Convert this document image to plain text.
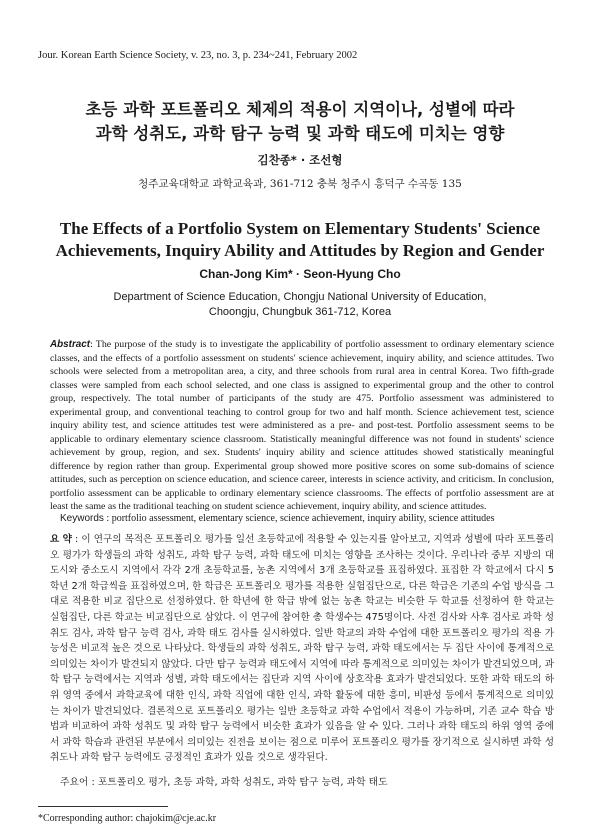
Jour. Korean Earth Science Society, v. 23, no. 3, p. 234~241, February 2002
초등 과학 포트폴리오 체제의 적용이 지역이나, 성별에 따라
과학 성취도, 과학 탐구 능력 및 과학 태도에 미치는 영향
김찬종* · 조선형
청주교육대학교 과학교육과, 361-712 충북 청주시 흥덕구 수곡동 135
The Effects of a Portfolio System on Elementary Students' Science
Achievements, Inquiry Ability and Attitudes by Region and Gender
Chan-Jong Kim* · Seon-Hyung Cho
Department of Science Education, Chongju National University of Education,
Choongju, Chungbuk 361-712, Korea
Abstract: The purpose of the study is to investigate the applicability of portfolio assessment to ordinary elementary science classes, and the effects of a portfolio assessment on students' science achievement, inquiry ability, and science attitudes. Two schools were selected from a metropolitan area, a city, and three schools from rural area in central Korea. Two fifth-grade classes were sampled from each school selected, and one class is assigned to experimental group and the other to control group, respectively. The total number of participants of the study are 475. Portfolio assessment was administered to experimental group, and conventional teaching to control group for two and half month. Science achievement test, science inquiry ability test, and science attitudes test were administered as a pre- and post-test. Portfolio assessment seems to be applicable to ordinary elementary science classroom. Statistically meaningful difference was not found in students' science achievement by group, region, and sex. Students' inquiry ability and science attitudes showed statistically meaningful difference by region rather than group. Experimental group showed more positive scores on some sub-domains of science attitudes, such as perception on science education, and science career, interests in science activity, and criticism. In conclusion, portfolio assessment can be applicable to ordinary elementary science classrooms. The effects of portfolio assessment are at least the same as the traditional teaching on student science achievement, inquiry ability, and science attitudes.
Keywords : portfolio assessment, elementary science, science achievement, inquiry ability, science attitudes
요 약 : 이 연구의 목적은 포트폴리오 평가를 일선 초등학교에 적용할 수 있는지를 알아보고, 지역과 성별에 따라 포트폴리오 평가가 학생들의 과학 성취도, 과학 탐구 능력, 과학 태도에 미치는 영향을 조사하는 것이다. 우리나라 중부 지방의 대도시와 중소도시 지역에서 각각 2개 초등학교를, 농촌 지역에서 3개 초등학교를 표집하였다. 표집한 각 학교에서 다시 5학년 2개 학급씩을 표집하였으며, 한 학급은 포트폴리오 평가를 적용한 실험집단으로, 다른 학급은 기존의 수업 방식을 그대로 적용한 비교 집단으로 선정하였다. 한 학년에 한 학급 밖에 없는 농촌 학교는 비슷한 두 학교를 선정하여 한 학교는 실험집단, 다른 학교는 비교집단으로 삼았다. 이 연구에 참여한 총 학생수는 475명이다. 사전 검사와 사후 검사로 과학 성취도 검사, 과학 탐구 능력 검사, 과학 태도 검사를 실시하였다. 일반 학교의 과학 수업에 대한 포트폴리오 평가의 적용 가능성은 비교적 높은 것으로 나타났다. 학생들의 과학 성취도, 과학 탐구 능력, 과학 태도에서는 두 집단 사이에 통계적으로 의미있는 차이가 발견되지 않았다. 다만 탐구 능력과 태도에서 지역에 따라 통계적으로 의미있는 차이가 발견되었으며, 과학 탐구 능력에서는 지역과 성별, 과학 태도에서는 집단과 지역 사이에 상호작용 효과가 발견되었다. 또한 과학 태도의 하위 영역 중에서 과학교육에 대한 인식, 과학 직업에 대한 인식, 과학 활동에 대한 흥미, 비판성 등에서 통계적으로 의미있는 차이가 발견되었다. 결론적으로 포트폴리오 평가는 일반 초등학교 과학 수업에서 적용이 가능하며, 기존 교수 학습 방법과 비교하여 과학 성취도 및 과학 탐구 능력에서 비슷한 효과가 있음을 알 수 있다. 그러나 과학 태도의 하위 영역 중에서 과학 학습과 관련된 부분에서 의미있는 진전을 보이는 점으로 미루어 포트폴리오 평가를 장기적으로 실시하면 과학 성취도나 과학 탐구 능력에도 긍정적인 효과가 있을 것으로 생각된다.
주요어 : 포트폴리오 평가, 초등 과학, 과학 성취도, 과학 탐구 능력, 과학 태도
*Corresponding author: chajokim@cje.ac.kr
